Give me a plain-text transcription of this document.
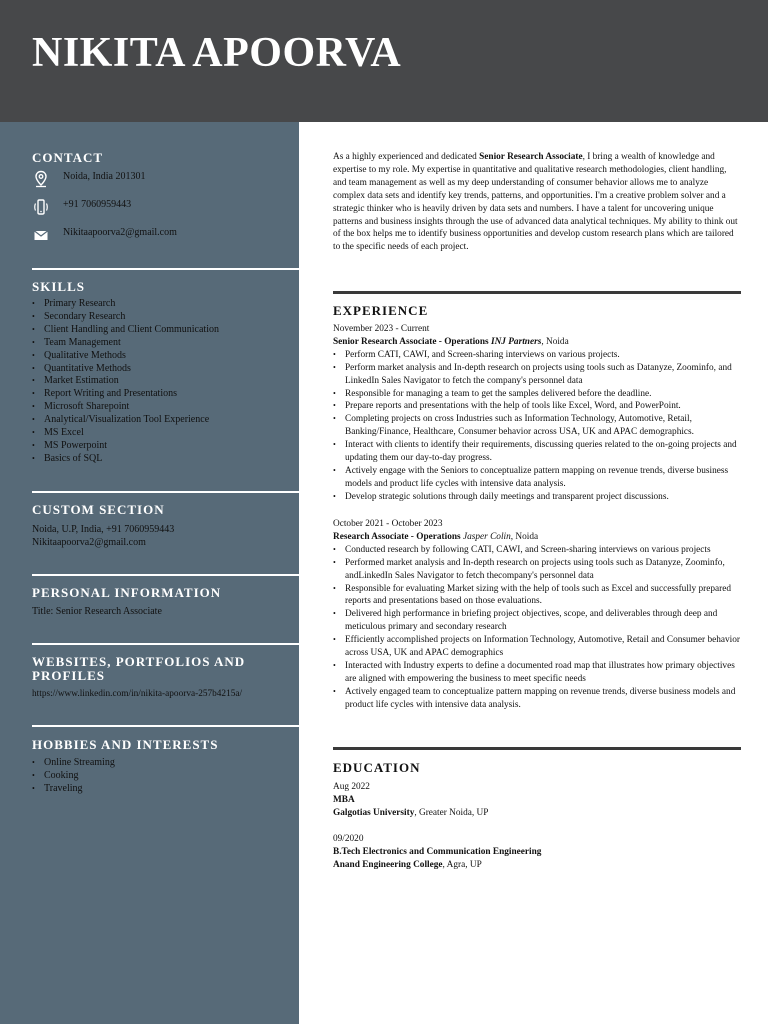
NIKITA APOORVA
CONTACT
Noida, India 201301
+91 7060959443
Nikitaapoorva2@gmail.com
SKILLS
• Primary Research
• Secondary Research
• Client Handling and Client Communication
• Team Management
• Qualitative Methods
• Quantitative Methods
• Market Estimation
• Report Writing and Presentations
• Microsoft Sharepoint
• Analytical/Visualization Tool Experience
• MS Excel
• MS Powerpoint
• Basics of SQL
CUSTOM SECTION

Noida, U.P, India, +91 7060959443

Nikitaapoorva2@gmail.com

PERSONAL INFORMATION

Title: Senior Research Associate

WEBSITES, PORTFOLIOS AND
PROFILES

https://www.linkedin.com/in/nikita-apoorva-257b4215a/

HOBBIES AND INTERESTS
• Online Streaming
• Cooking
• Traveling

As a highly experienced and dedicated Senior Research Associate, I bring a wealth of knowledge and expertise to my role. My expertise in quantitative and qualitative research methodologies, client handling, and team management as well as my deep understanding of consumer behavior allows me to analyze complex data sets and identify key trends, patterns, and opportunities. I'm a creative problem solver and a strategic thinker who is heavily driven by data sets and numbers. I have a talent for uncovering unique patterns and business insights through the use of advanced data analytical techniques. My ability to think out of the box helps me to identify business opportunities and develop custom research plans which are tailored to the specific needs of each project.

EXPERIENCE

November 2023 - Current

Senior Research Associate - Operations INJ Partners, Noida

• Perform CATI, CAWI, and Screen-sharing interviews on various projects.
• Perform market analysis and In-depth research on projects using tools such as Datanyze, Zoominfo, and LinkedIn Sales Navigator to fetch the company's personnel data
• Responsible for managing a team to get the samples delivered before the deadline.
• Prepare reports and presentations with the help of tools like Excel, Word, and PowerPoint.
• Completing projects on cross Industries such as Information Technology, Automotive, Retail, Banking/Finance, Healthcare, Consumer behavior across USA, UK and APAC demographics.
• Interact with clients to identify their requirements, discussing queries related to the on-going projects and updating them our day-to-day progress.
• Actively engage with the Seniors to conceptualize pattern mapping on revenue trends, diverse business models and product life cycles with intensive data analysis.
• Develop strategic solutions through daily meetings and transparent project discussions.

October 2021 - October 2023

Research Associate - Operations Jasper Colin, Noida

• Conducted research by following CATI, CAWI, and Screen-sharing interviews on various projects
• Performed market analysis and In-depth research on projects using tools such as Datanyze, Zoominfo, andLinkedIn Sales Navigator to fetch thecompany's personnel data
• Responsible for evaluating Market sizing with the help of tools such as Excel and successfully prepared reports and presentations based on those evaluations.
• Delivered high performance in briefing project objectives, scope, and deliverables through deep and meticulous primary and secondary research
• Efficiently accomplished projects on Information Technology, Automotive, Retail and Consumer behavior across USA, UK and APAC demographics
• Interacted with Industry experts to define a documented road map that illustrates how primary objectives are aligned with empowering the business to meet specific needs
• Actively engaged team to conceptualize pattern mapping on revenue trends, diverse business models and product life cycles with intensive data analysis.
EDUCATION

Aug 2022

MBA

Galgotias University, Greater Noida, UP

09/2020

B.Tech Electronics and Communication Engineering

Anand Engineering College, Agra, UP
